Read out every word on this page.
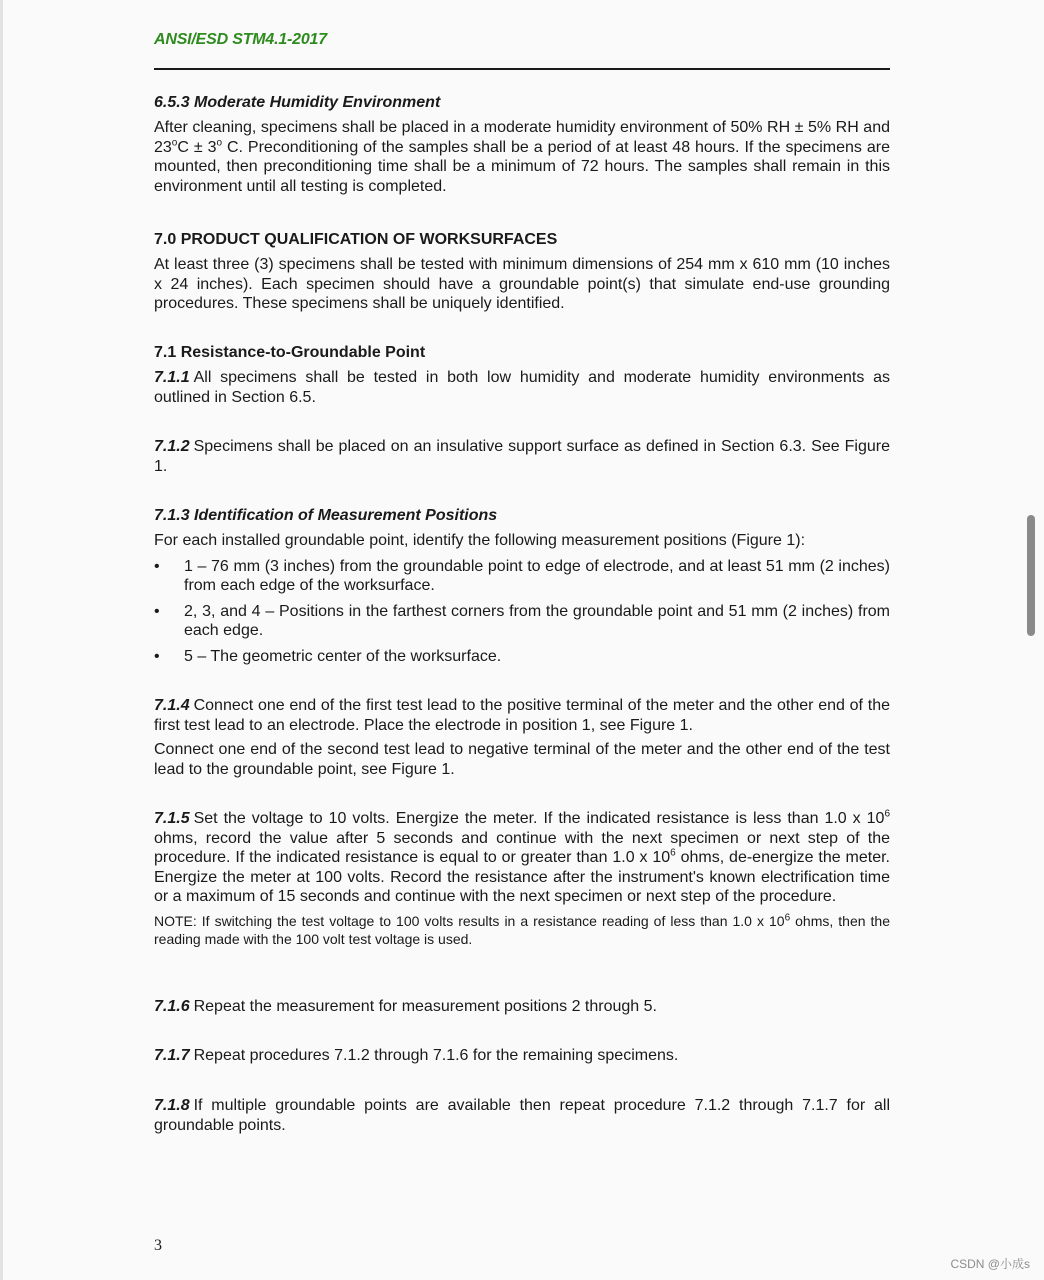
ANSI/ESD STM4.1-2017

6.5.3 Moderate Humidity Environment

After cleaning, specimens shall be placed in a moderate humidity environment of 50% RH ± 5% RH and $23^oC \pm 3^o$ C. Preconditioning of the samples shall be a period of at least 48 hours. If the specimens are mounted, then preconditioning time shall be a minimum of 72 hours. The samples shall remain in this environment until all testing is completed.

7.0 PRODUCT QUALIFICATION OF WORKSURFACES

At least three (3) specimens shall be tested with minimum dimensions of 254 mm x 610 mm (10 inches x 24 inches). Each specimen should have a groundable point(s) that simulate end-use grounding procedures. These specimens shall be uniquely identified.

7.1 Resistance-to-Groundable Point

7.1.1 All specimens shall be tested in both low humidity and moderate humidity environments as outlined in Section 6.5.

7.1.2 Specimens shall be placed on an insulative support surface as defined in Section 6.3. See Figure 1.

7.1.3 Identification of Measurement Positions

For each installed groundable point, identify the following measurement positions (Figure 1):

• 1 – 76 mm (3 inches) from the groundable point to edge of electrode, and at least 51 mm (2 inches) from each edge of the worksurface.
• 2, 3, and 4 – Positions in the farthest corners from the groundable point and 51 mm (2 inches) from each edge.
• 5 – The geometric center of the worksurface.

7.1.4 Connect one end of the first test lead to the positive terminal of the meter and the other end of the first test lead to an electrode. Place the electrode in position 1, see Figure 1.

Connect one end of the second test lead to negative terminal of the meter and the other end of the test lead to the groundable point, see Figure 1.

7.1.5 Set the voltage to 10 volts. Energize the meter. If the indicated resistance is less than 1.0 x $10^6$ ohms, record the value after 5 seconds and continue with the next specimen or next step of the procedure. If the indicated resistance is equal to or greater than 1.0 x $10^6$ ohms, de-energize the meter. Energize the meter at 100 volts. Record the resistance after the instrument's known electrification time or a maximum of 15 seconds and continue with the next specimen or next step of the procedure.

NOTE: If switching the test voltage to 100 volts results in a resistance reading of less than 1.0 x $10^6$ ohms, then the reading made with the 100 volt test voltage is used.

7.1.6 Repeat the measurement for measurement positions 2 through 5.

7.1.7 Repeat procedures 7.1.2 through 7.1.6 for the remaining specimens.

7.1.8 If multiple groundable points are available then repeat procedure 7.1.2 through 7.1.7 for all groundable points.

3
CSDN @小成s
